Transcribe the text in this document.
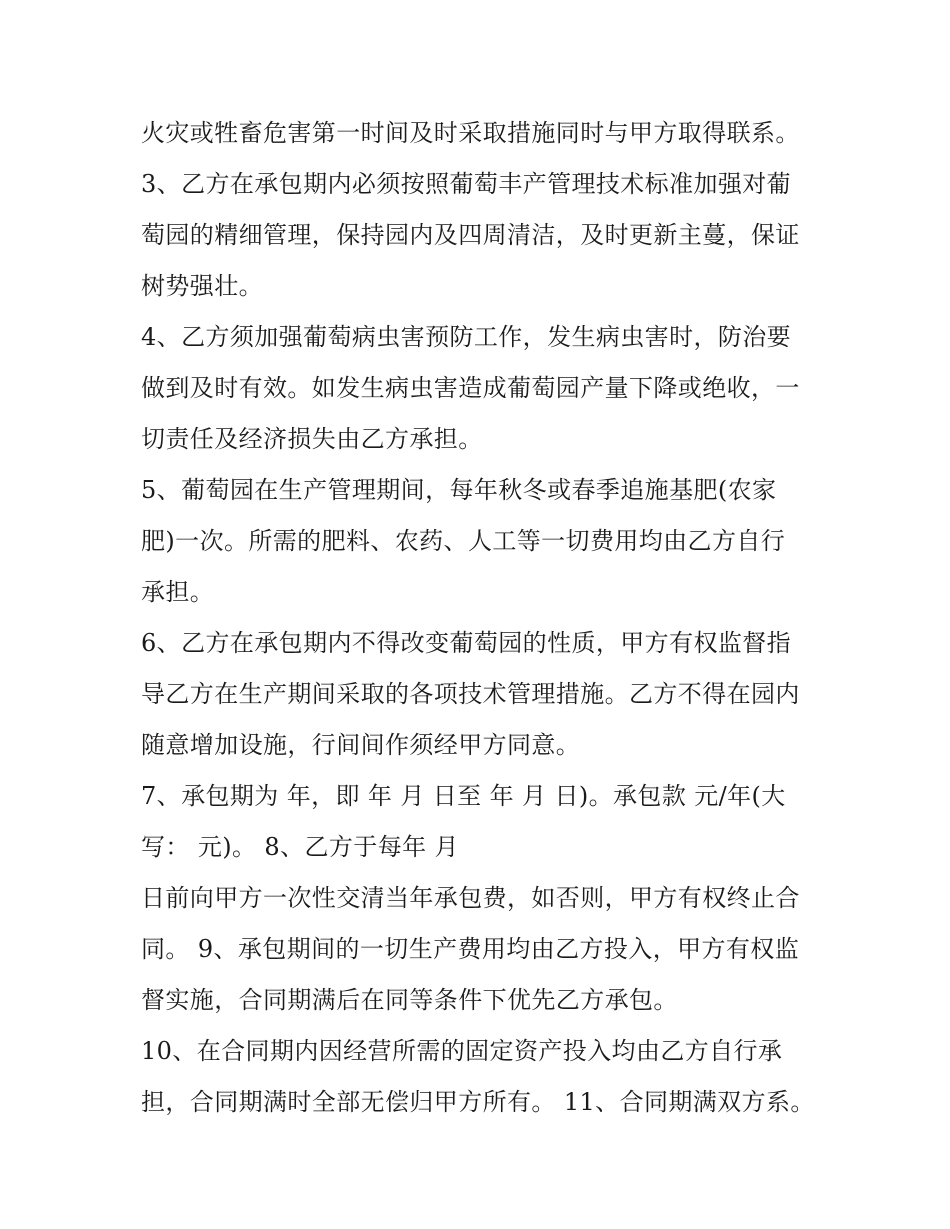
火灾或牲畜危害第一时间及时采取措施同时与甲方取得联系。
3、乙方在承包期内必须按照葡萄丰产管理技术标准加强对葡
萄园的精细管理，保持园内及四周清洁，及时更新主蔓，保证
树势强壮。
4、乙方须加强葡萄病虫害预防工作，发生病虫害时，防治要
做到及时有效。如发生病虫害造成葡萄园产量下降或绝收，一
切责任及经济损失由乙方承担。
5、葡萄园在生产管理期间，每年秋冬或春季追施基肥(农家
肥)一次。所需的肥料、农药、人工等一切费用均由乙方自行
承担。
6、乙方在承包期内不得改变葡萄园的性质，甲方有权监督指
导乙方在生产期间采取的各项技术管理措施。乙方不得在园内
随意增加设施，行间间作须经甲方同意。
7、承包期为 年，即 年 月 日至 年 月 日)。承包款 元/年(大
写： 元)。 8、乙方于每年 月
日前向甲方一次性交清当年承包费，如否则，甲方有权终止合
同。 9、承包期间的一切生产费用均由乙方投入，甲方有权监
督实施，合同期满后在同等条件下优先乙方承包。
10、在合同期内因经营所需的固定资产投入均由乙方自行承
担，合同期满时全部无偿归甲方所有。 11、合同期满双方系。
